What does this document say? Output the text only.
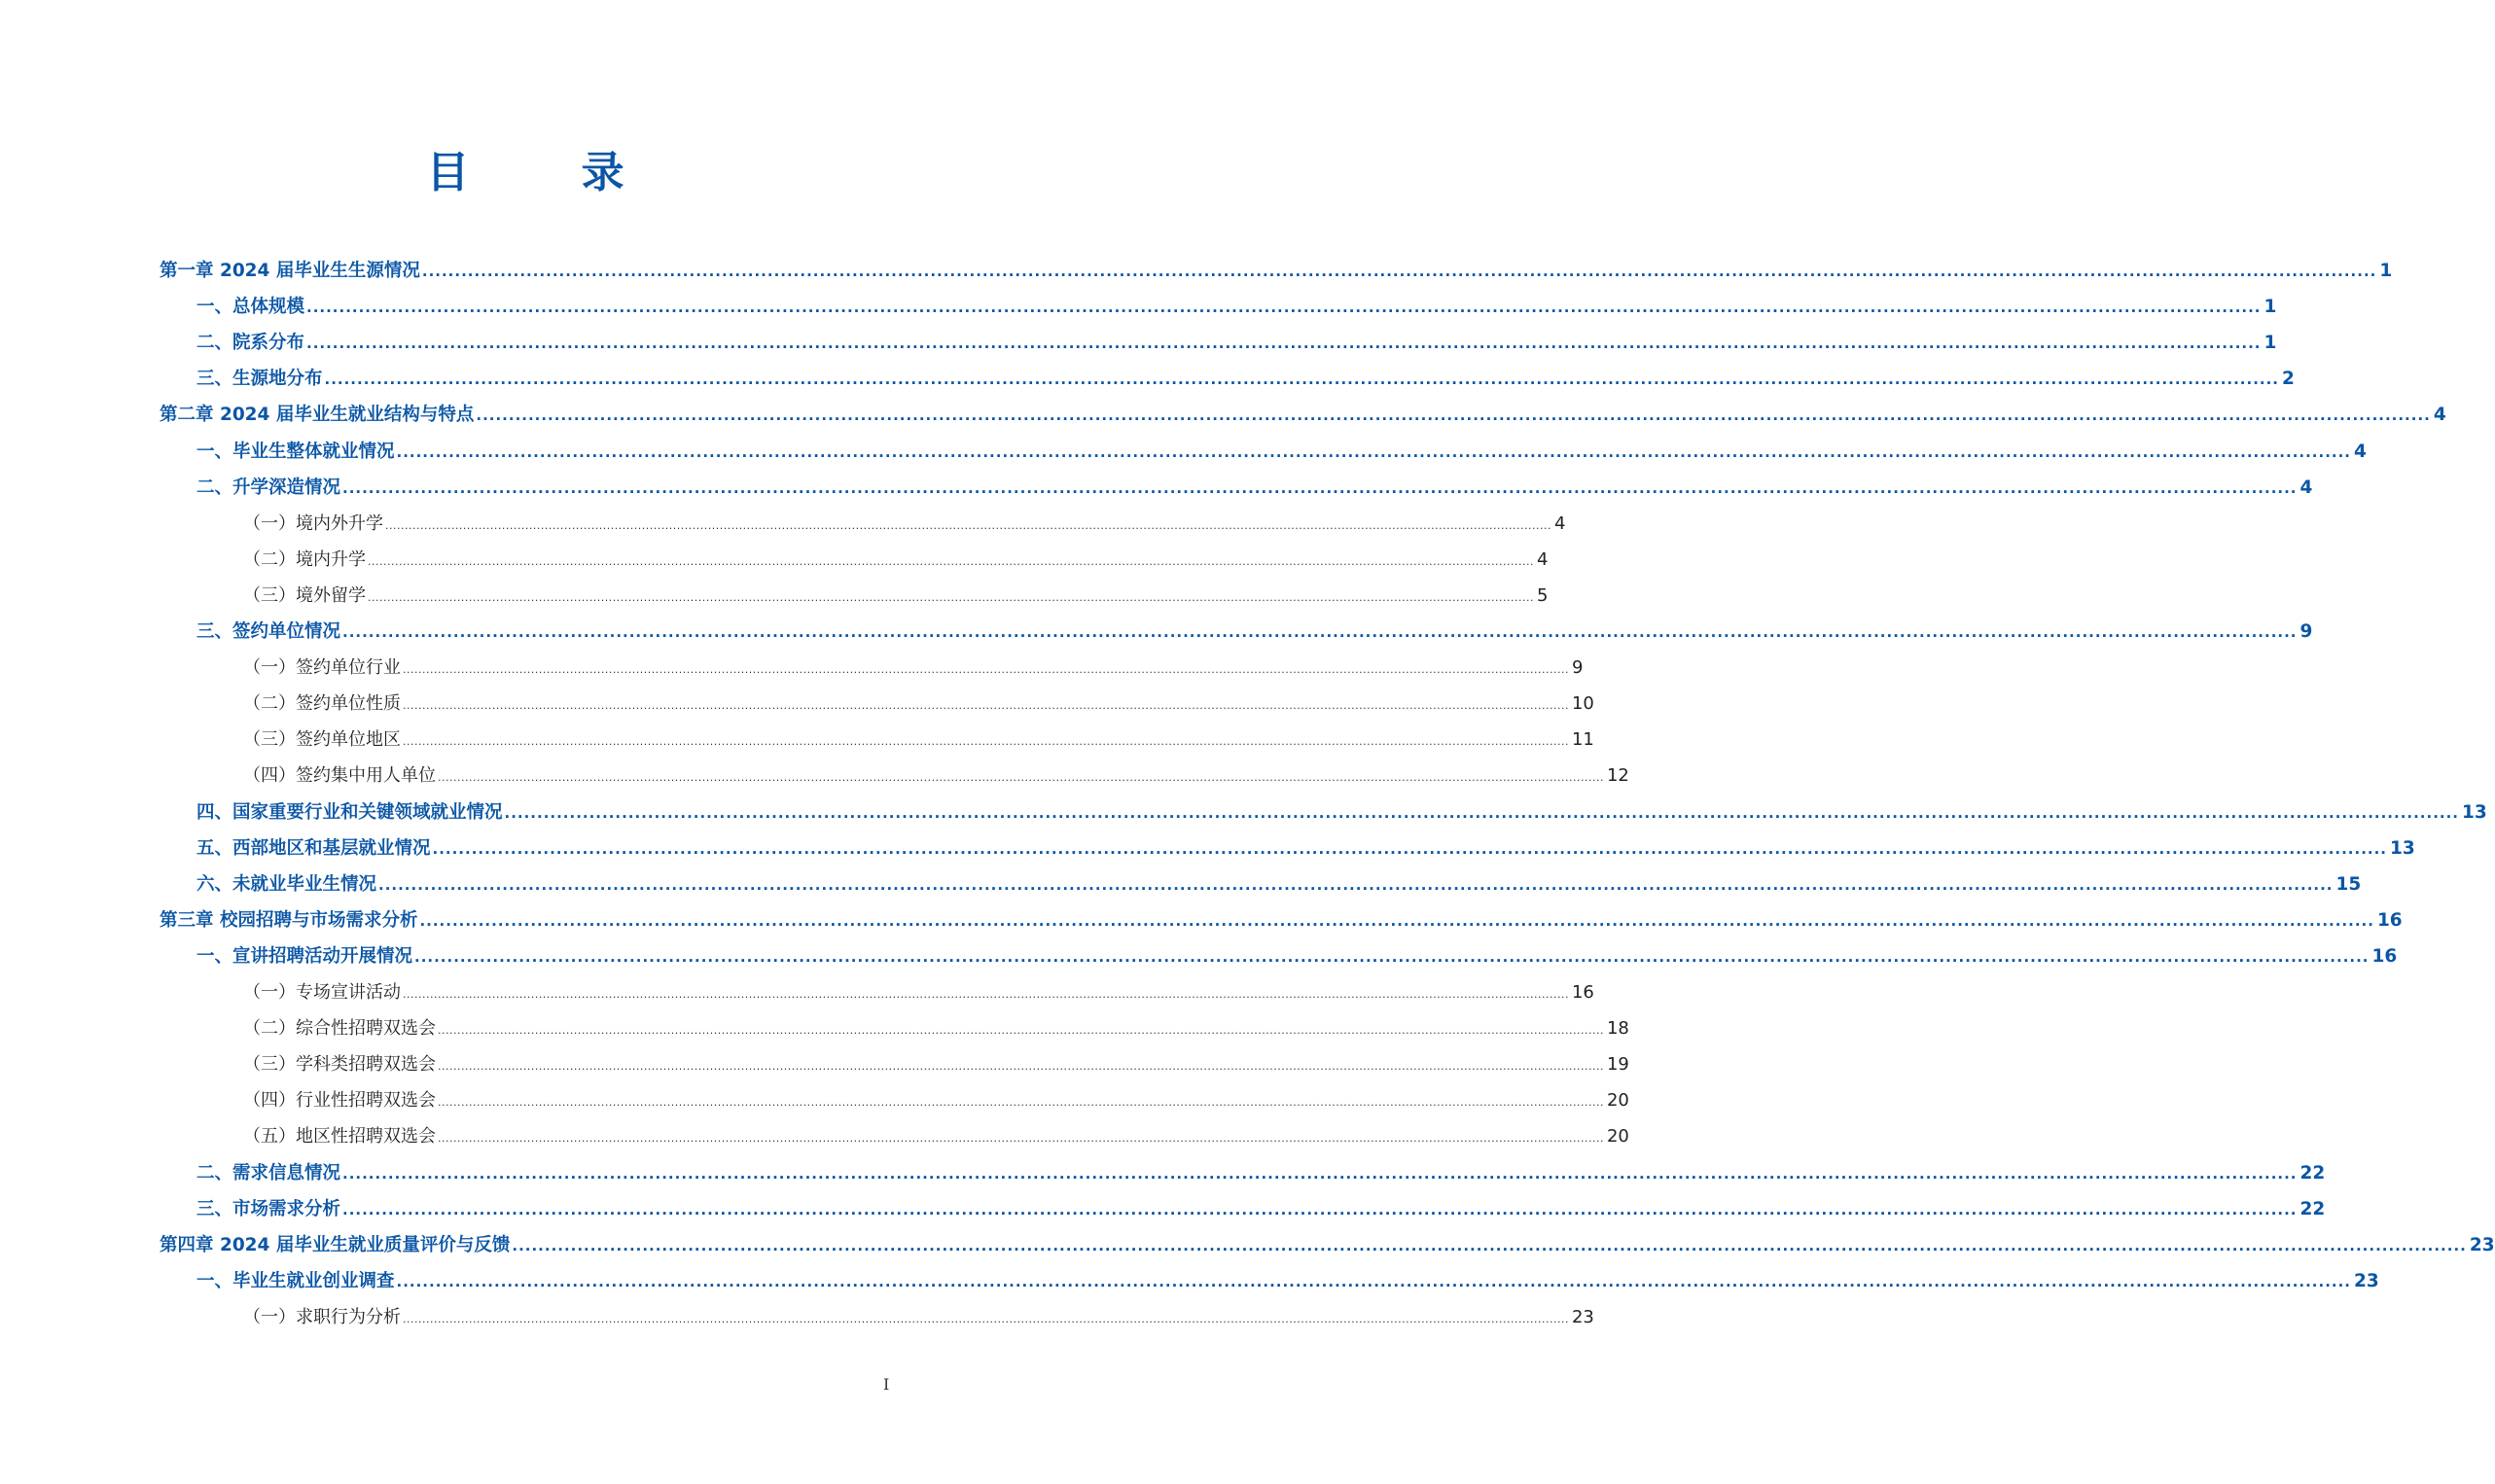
目 录
第一章 2024 届毕业生生源情况 ............................................................................................................................................................................................................................................................................................................ 1
一、总体规模 ............................................................................................................................................................................................................................................................................................................ 1
二、院系分布 ............................................................................................................................................................................................................................................................................................................ 1
三、生源地分布 ............................................................................................................................................................................................................................................................................................................ 2
第二章 2024 届毕业生就业结构与特点 ............................................................................................................................................................................................................................................................................................................ 4
一、毕业生整体就业情况 ............................................................................................................................................................................................................................................................................................................ 4
二、升学深造情况 ............................................................................................................................................................................................................................................................................................................ 4
（一）境内外升学 ............................................................................................................................................................................................................................................................................................................ 4
（二）境内升学 ............................................................................................................................................................................................................................................................................................................ 4
（三）境外留学 ............................................................................................................................................................................................................................................................................................................ 5
三、签约单位情况 ............................................................................................................................................................................................................................................................................................................ 9
（一）签约单位行业 ............................................................................................................................................................................................................................................................................................................ 9
（二）签约单位性质 ............................................................................................................................................................................................................................................................................................................ 10
（三）签约单位地区 ............................................................................................................................................................................................................................................................................................................ 11
（四）签约集中用人单位 ............................................................................................................................................................................................................................................................................................................ 12
四、国家重要行业和关键领域就业情况 ............................................................................................................................................................................................................................................................................................................ 13
五、西部地区和基层就业情况 ............................................................................................................................................................................................................................................................................................................ 13
六、未就业毕业生情况 ............................................................................................................................................................................................................................................................................................................ 15
第三章 校园招聘与市场需求分析 ............................................................................................................................................................................................................................................................................................................ 16
一、宣讲招聘活动开展情况 ............................................................................................................................................................................................................................................................................................................ 16
（一）专场宣讲活动 ............................................................................................................................................................................................................................................................................................................ 16
（二）综合性招聘双选会 ............................................................................................................................................................................................................................................................................................................ 18
（三）学科类招聘双选会 ............................................................................................................................................................................................................................................................................................................ 19
（四）行业性招聘双选会 ............................................................................................................................................................................................................................................................................................................ 20
（五）地区性招聘双选会 ............................................................................................................................................................................................................................................................................................................ 20
二、需求信息情况 ............................................................................................................................................................................................................................................................................................................ 22
三、市场需求分析 ............................................................................................................................................................................................................................................................................................................ 22
第四章 2024 届毕业生就业质量评价与反馈 ............................................................................................................................................................................................................................................................................................................ 23
一、毕业生就业创业调查 ............................................................................................................................................................................................................................................................................................................ 23
（一）求职行为分析 ............................................................................................................................................................................................................................................................................................................ 23
I
